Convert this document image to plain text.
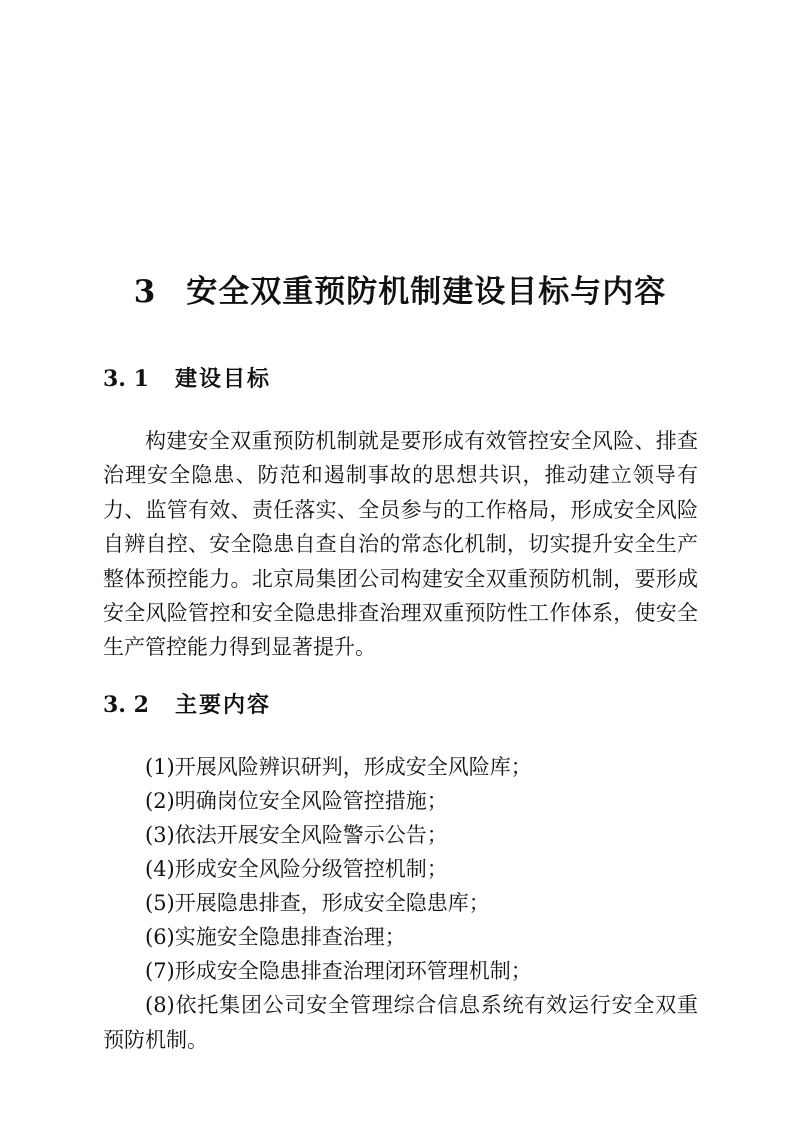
3 安全双重预防机制建设目标与内容
3. 1 建设目标

构建安全双重预防机制就是要形成有效管控安全风险、排查治理安全隐患、防范和遏制事故的思想共识，推动建立领导有力、监管有效、责任落实、全员参与的工作格局，形成安全风险自辨自控、安全隐患自查自治的常态化机制，切实提升安全生产整体预控能力。北京局集团公司构建安全双重预防机制，要形成安全风险管控和安全隐患排查治理双重预防性工作体系，使安全生产管控能力得到显著提升。

3. 2 主要内容
(1)开展风险辨识研判，形成安全风险库；
(2)明确岗位安全风险管控措施；
(3)依法开展安全风险警示公告；
(4)形成安全风险分级管控机制；
(5)开展隐患排查，形成安全隐患库；
(6)实施安全隐患排查治理；
(7)形成安全隐患排查治理闭环管理机制；
(8)依托集团公司安全管理综合信息系统有效运行安全双重预防机制。
